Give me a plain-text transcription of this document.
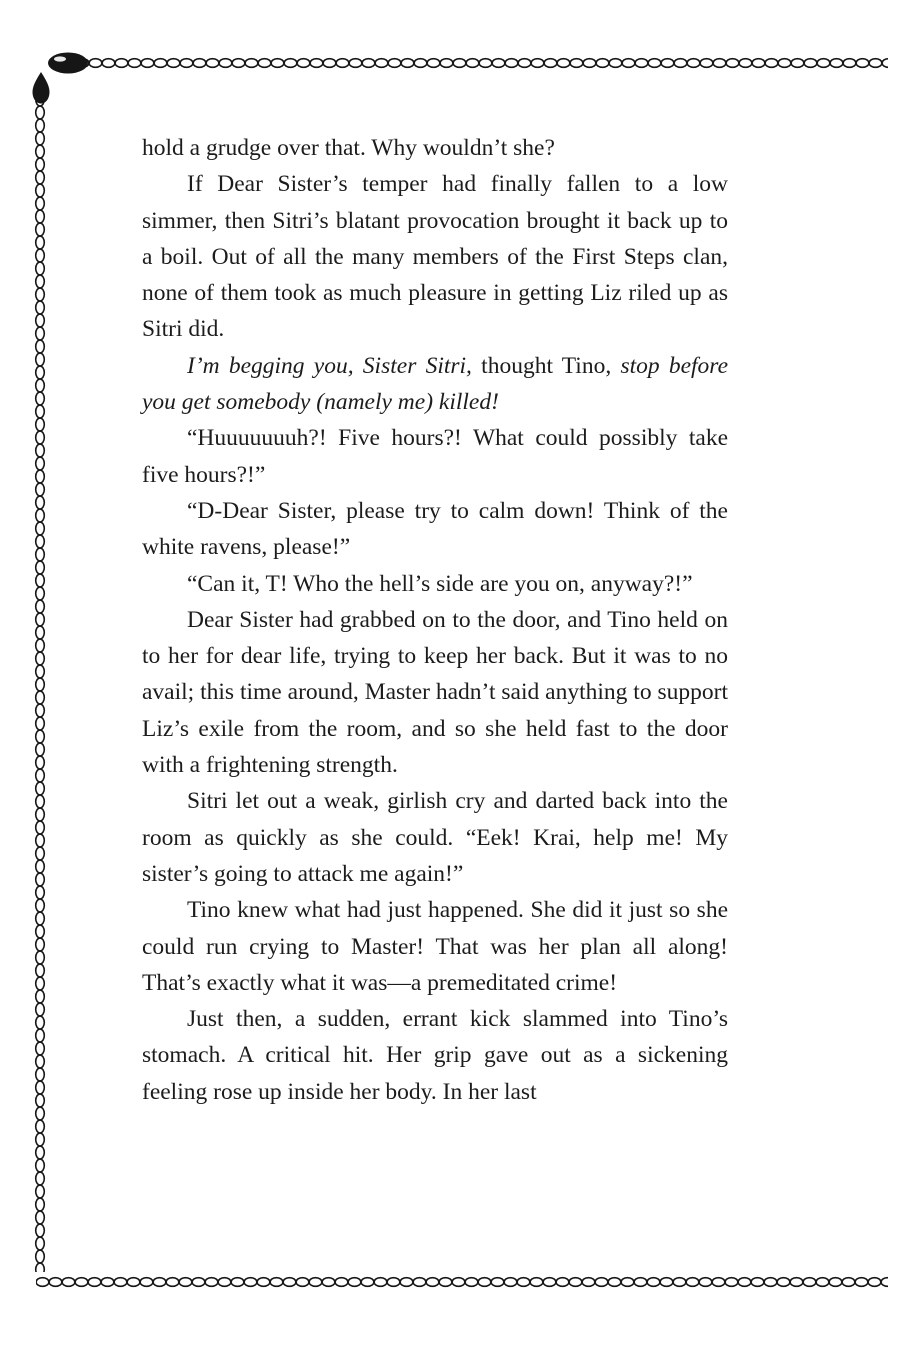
hold a grudge over that. Why wouldn’t she?

If Dear Sister’s temper had finally fallen to a low simmer, then Sitri’s blatant provocation brought it back up to a boil. Out of all the many members of the First Steps clan, none of them took as much pleasure in getting Liz riled up as Sitri did.

I’m begging you, Sister Sitri, thought Tino, stop before you get somebody (namely me) killed!

“Huuuuuuuh?! Five hours?! What could possibly take five hours?!”

“D-Dear Sister, please try to calm down! Think of the white ravens, please!”

“Can it, T! Who the hell’s side are you on, anyway?!”

Dear Sister had grabbed on to the door, and Tino held on to her for dear life, trying to keep her back. But it was to no avail; this time around, Master hadn’t said anything to support Liz’s exile from the room, and so she held fast to the door with a frightening strength.

Sitri let out a weak, girlish cry and darted back into the room as quickly as she could. “Eek! Krai, help me! My sister’s going to attack me again!”

Tino knew what had just happened. She did it just so she could run crying to Master! That was her plan all along! That’s exactly what it was—a premeditated crime!

Just then, a sudden, errant kick slammed into Tino’s stomach. A critical hit. Her grip gave out as a sickening feeling rose up inside her body. In her last
